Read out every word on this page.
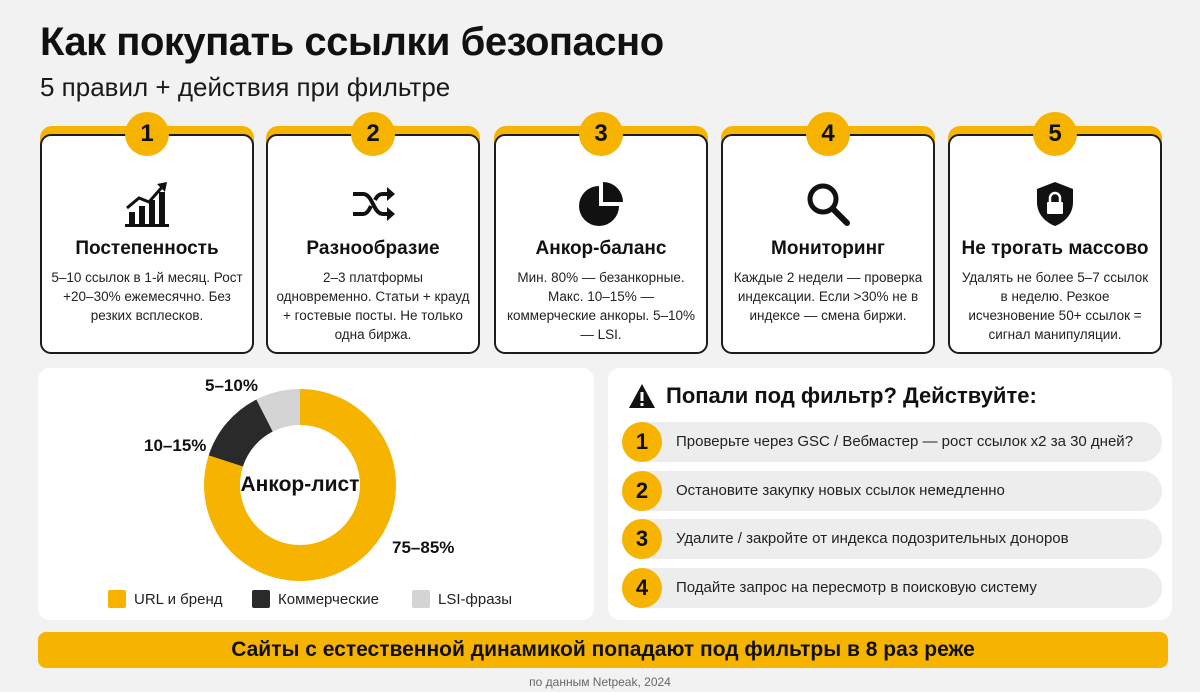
Как покупать ссылки безопасно
5 правил + действия при фильтре
1
Постепенность
5–10 ссылок в 1-й месяц. Рост +20–30% ежемесячно. Без резких всплесков.
2
Разнообразие
2–3 платформы одновременно. Статьи + крауд + гостевые посты. Не только одна биржа.
3
Анкор-баланс
Мин. 80% — безанкорные. Макс. 10–15% — коммерческие анкоры. 5–10% — LSI.
4
Мониторинг
Каждые 2 недели — проверка индексации. Если >30% не в индексе — смена биржи.
5
Не трогать массово
Удалять не более 5–7 ссылок в неделю. Резкое исчезновение 50+ ссылок = сигнал манипуляции.
Анкор-лист
5–10%
10–15%
75–85%
URL и бренд	Коммерческие	LSI-фразы
Попали под фильтр? Действуйте:
1	Проверьте через GSC / Вебмастер — рост ссылок х2 за 30 дней?
2	Остановите закупку новых ссылок немедленно
3	Удалите / закройте от индекса подозрительных доноров
4	Подайте запрос на пересмотр в поисковую систему
Сайты с естественной динамикой попадают под фильтры в 8 раз реже
по данным Netpeak, 2024
